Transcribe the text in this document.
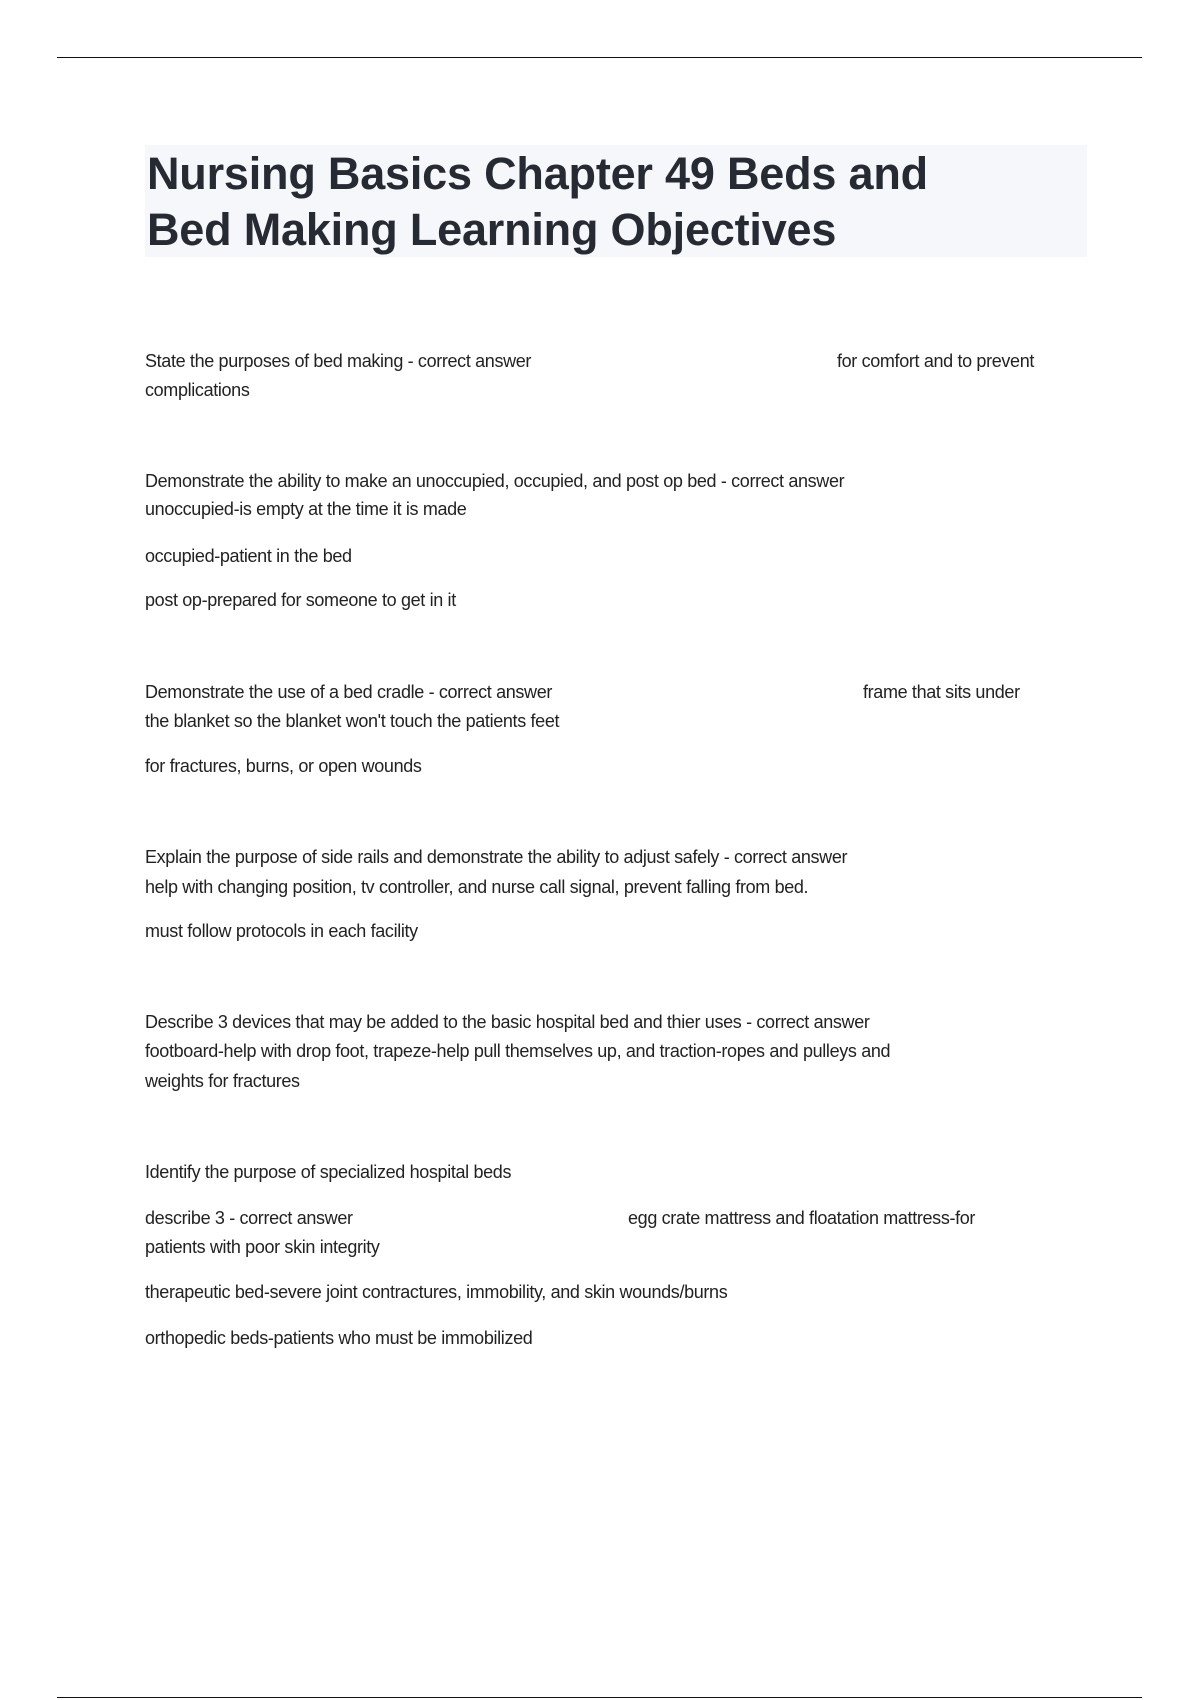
Nursing Basics Chapter 49 Beds and
Bed Making Learning Objectives
State the purposes of bed making - correct answer	for comfort and to prevent
complications
Demonstrate the ability to make an unoccupied, occupied, and post op bed - correct answer
unoccupied-is empty at the time it is made
occupied-patient in the bed
post op-prepared for someone to get in it
Demonstrate the use of a bed cradle - correct answer	frame that sits under
the blanket so the blanket won't touch the patients feet
for fractures, burns, or open wounds
Explain the purpose of side rails and demonstrate the ability to adjust safely - correct answer
help with changing position, tv controller, and nurse call signal, prevent falling from bed.
must follow protocols in each facility
Describe 3 devices that may be added to the basic hospital bed and thier uses - correct answer
footboard-help with drop foot, trapeze-help pull themselves up, and traction-ropes and pulleys and
weights for fractures
Identify the purpose of specialized hospital beds
describe 3 - correct answer	egg crate mattress and floatation mattress-for
patients with poor skin integrity
therapeutic bed-severe joint contractures, immobility, and skin wounds/burns
orthopedic beds-patients who must be immobilized
